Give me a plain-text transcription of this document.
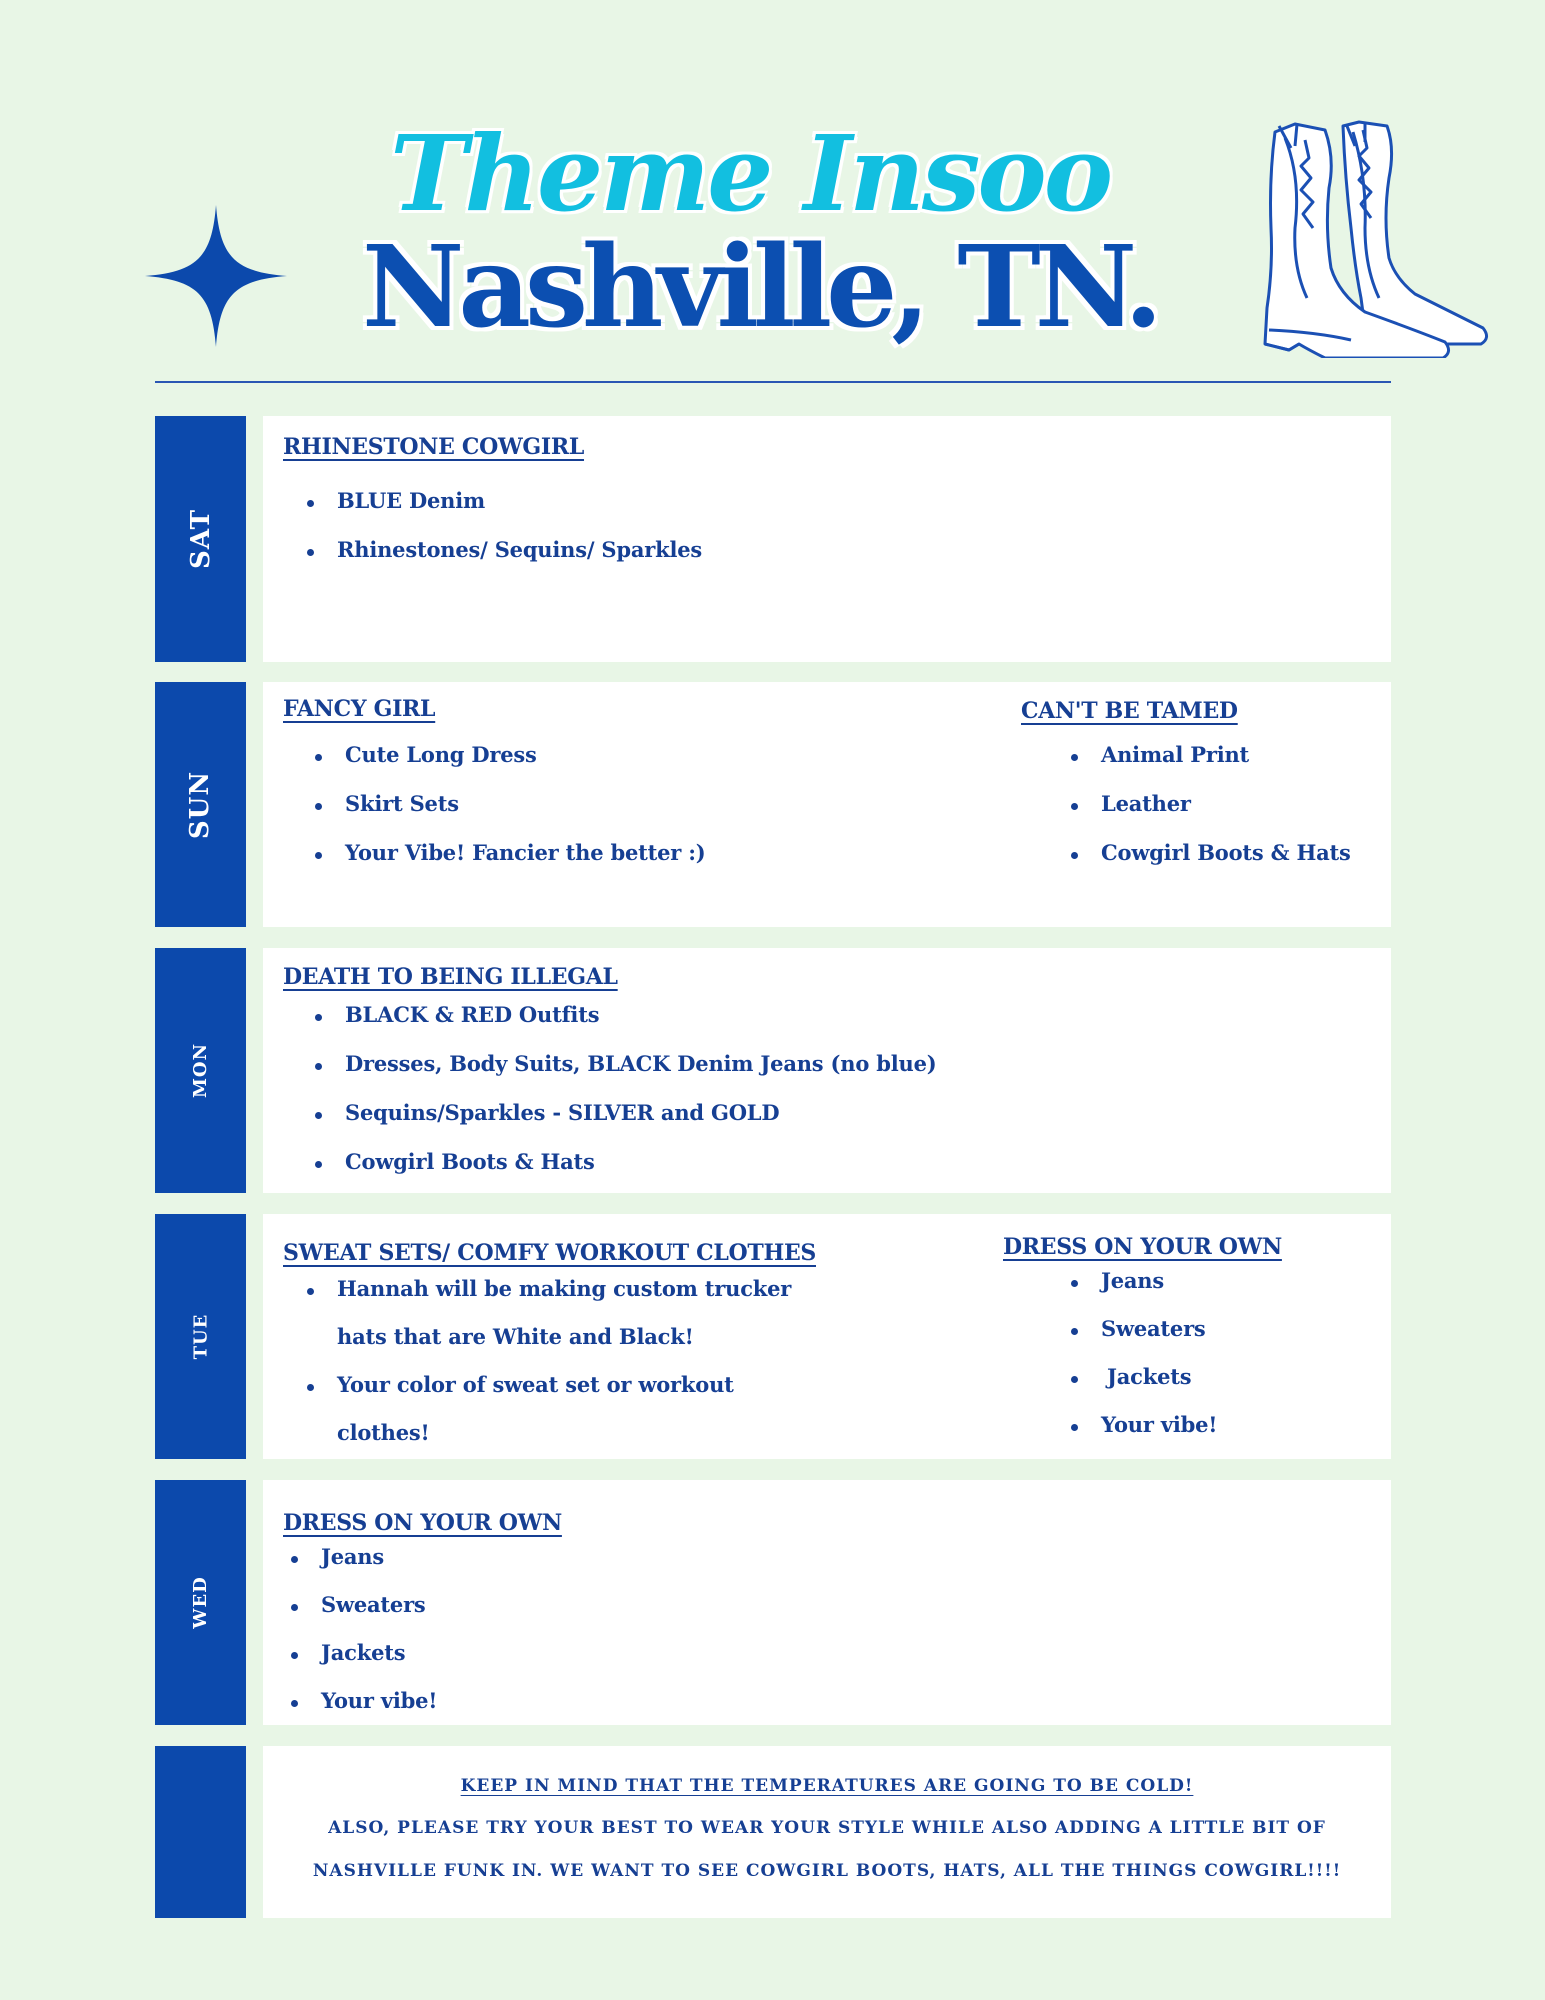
Theme Insoo
Nashville, TN.
SAT
RHINESTONE COWGIRL
BLUE Denim
Rhinestones/ Sequins/ Sparkles
SUN
FANCY GIRL
Cute Long Dress
Skirt Sets
Your Vibe! Fancier the better :)
CAN'T BE TAMED
Animal Print
Leather
Cowgirl Boots & Hats
MON
DEATH TO BEING ILLEGAL
BLACK & RED Outfits
Dresses, Body Suits, BLACK Denim Jeans (no blue)
Sequins/Sparkles - SILVER and GOLD
Cowgirl Boots & Hats
TUE
SWEAT SETS/ COMFY WORKOUT CLOTHES
Hannah will be making custom trucker
hats that are White and Black!
Your color of sweat set or workout
clothes!
DRESS ON YOUR OWN
Jeans
Sweaters
Jackets
Your vibe!
WED
DRESS ON YOUR OWN
Jeans
Sweaters
Jackets
Your vibe!
KEEP IN MIND THAT THE TEMPERATURES ARE GOING TO BE COLD!
ALSO, PLEASE TRY YOUR BEST TO WEAR YOUR STYLE WHILE ALSO ADDING A LITTLE BIT OF
NASHVILLE FUNK IN. WE WANT TO SEE COWGIRL BOOTS, HATS, ALL THE THINGS COWGIRL!!!!
